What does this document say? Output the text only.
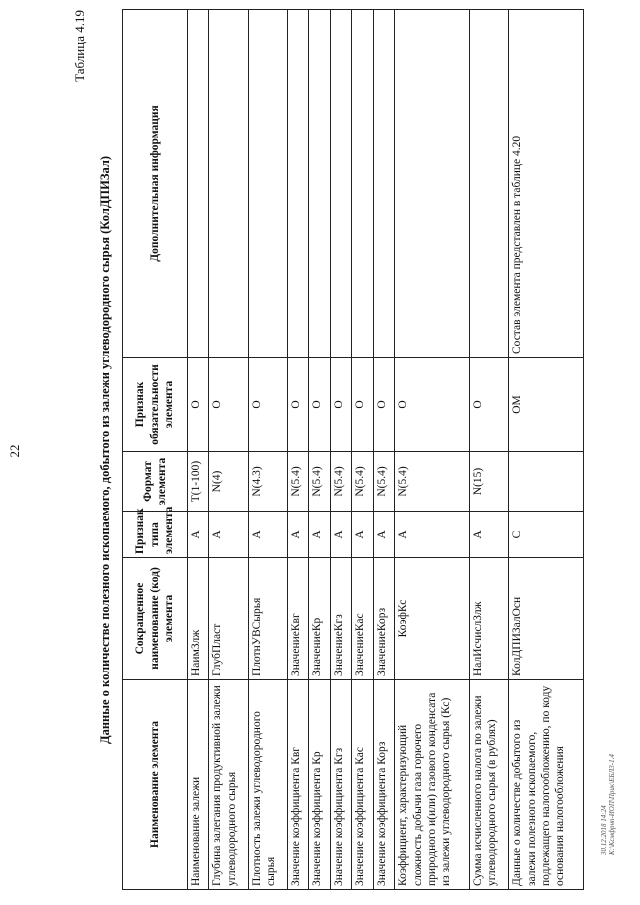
22
Таблица 4.19
Данные о количестве полезного ископаемого, добытого из залежи углеводородного сырья (КолДПИЗал)
Наименование элемента	Сокращенное наименование (код) элемента	Признак типа элемента	Формат элемента	Признак обязательности элемента	Дополнительная информация
Наименование залежи	НаимЗлж	А	T(1-100)	О	
Глубина залегания продуктивной залежи углеводородного сырья	ГлубПласт	А	N(4)	О	
Плотность залежи углеводородного сырья	ПлотнУВСырья	А	N(4.3)	О	
Значение коэффициента Квг	ЗначениеКвг	А	N(5.4)	О	
Значение коэффициента Кр	ЗначениеКр	А	N(5.4)	О	
Значение коэффициента Кгз	ЗначениеКгз	А	N(5.4)	О	
Значение коэффициента Кас	ЗначениеКас	А	N(5.4)	О	
Значение коэффициента Корз	ЗначениеКорз	А	N(5.4)	О	
Коэффициент, характеризующий сложность добычи газа горючего природного и(или) газового конденсата из залежи углеводородного сырья (Кс)	КоэфКс	А	N(5.4)	О	
Сумма исчисленного налога по залежи углеводородного сырья (в рублях)	НалИсчислЗлж	А	N(15)	О	
Данные о количестве добытого из залежи полезного ископаемого, подлежащего налогообложению, по коду основания налогообложения	КолДПИЗалОсн	С		ОМ	Состав элемента представлен в таблице 4.20
30.12.2018 14:24 К:\Ксмфрнп-ИОП\Прик\ЕБЛ3-1.4
